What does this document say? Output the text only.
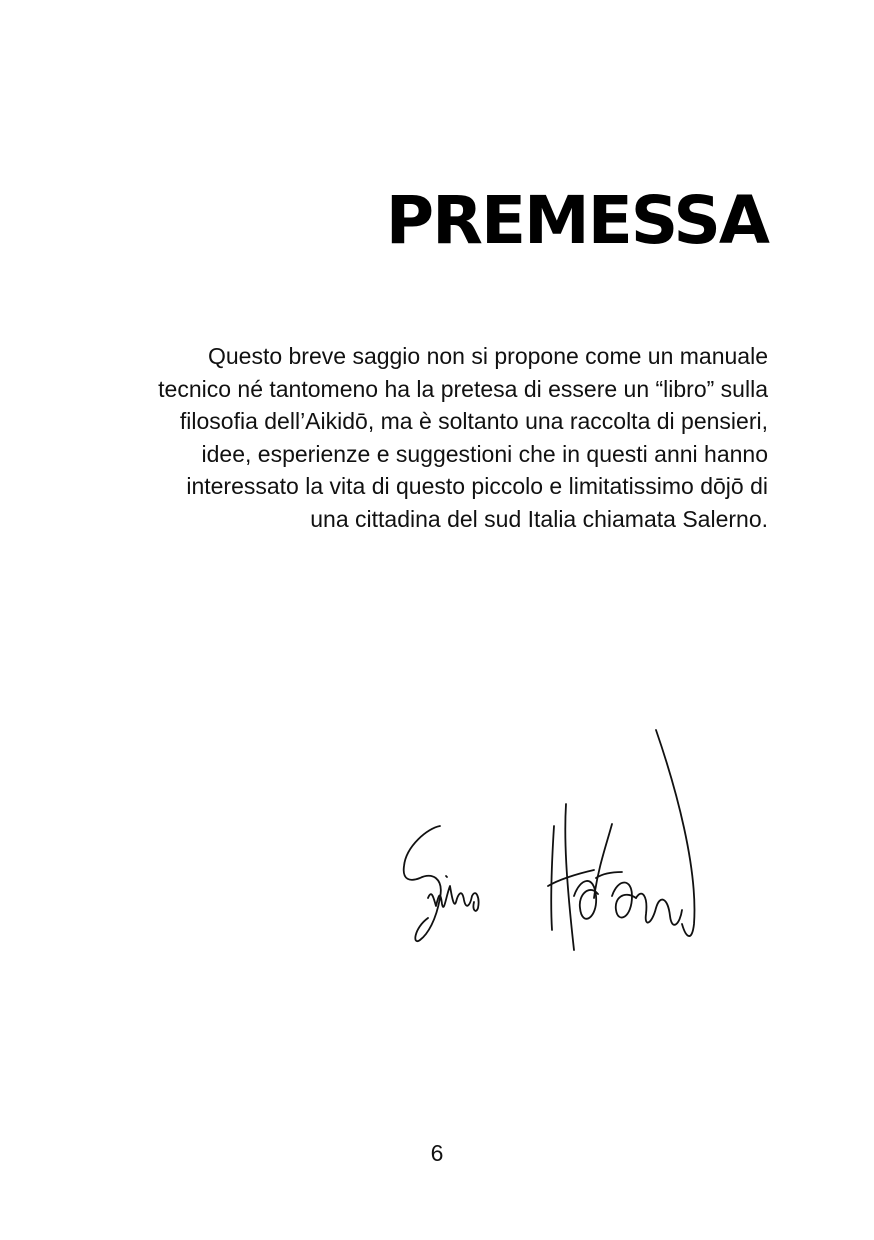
PREMESSA
Questo breve saggio non si propone come un manuale
tecnico né tantomeno ha la pretesa di essere un “libro” sulla
filosofia dell’Aikidō, ma è soltanto una raccolta di pensieri,
idee, esperienze e suggestioni che in questi anni hanno
interessato la vita di questo piccolo e limitatissimo dōjō di
una cittadina del sud Italia chiamata Salerno.
6
